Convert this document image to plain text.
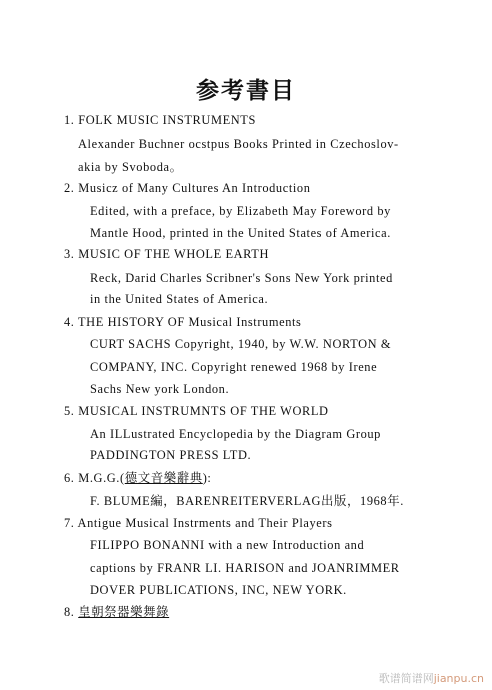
参考書目
1. FOLK MUSIC INSTRUMENTS
Alexander Buchner ocstpus Books Printed in Czechoslov-
akia by Svoboda。
2. Musicz of Many Cultures An Introduction
Edited, with a preface, by Elizabeth May Foreword by
Mantle Hood, printed in the United States of America.
3. MUSIC OF THE WHOLE EARTH
Reck, Darid Charles Scribner's Sons New York printed
in the United States of America.
4. THE HISTORY OF Musical Instruments
CURT SACHS Copyright, 1940, by W.W. NORTON &
COMPANY, INC. Copyright renewed 1968 by Irene
Sachs New york London.
5. MUSICAL INSTRUMNTS OF THE WORLD
An ILLustrated Encyclopedia by the Diagram Group
PADDINGTON PRESS LTD.
6. M.G.G.(德文音樂辭典):
F. BLUME編，BARENREITERVERLAG出版，1968年.
7. Antigue Musical Instrments and Their Players
FILIPPO BONANNI with a new Introduction and
captions by FRANR LI. HARISON and JOANRIMMER
DOVER PUBLICATIONS, INC, NEW YORK.
8. 皇朝祭器樂舞錄
歌谱简谱网jianpu.cn
